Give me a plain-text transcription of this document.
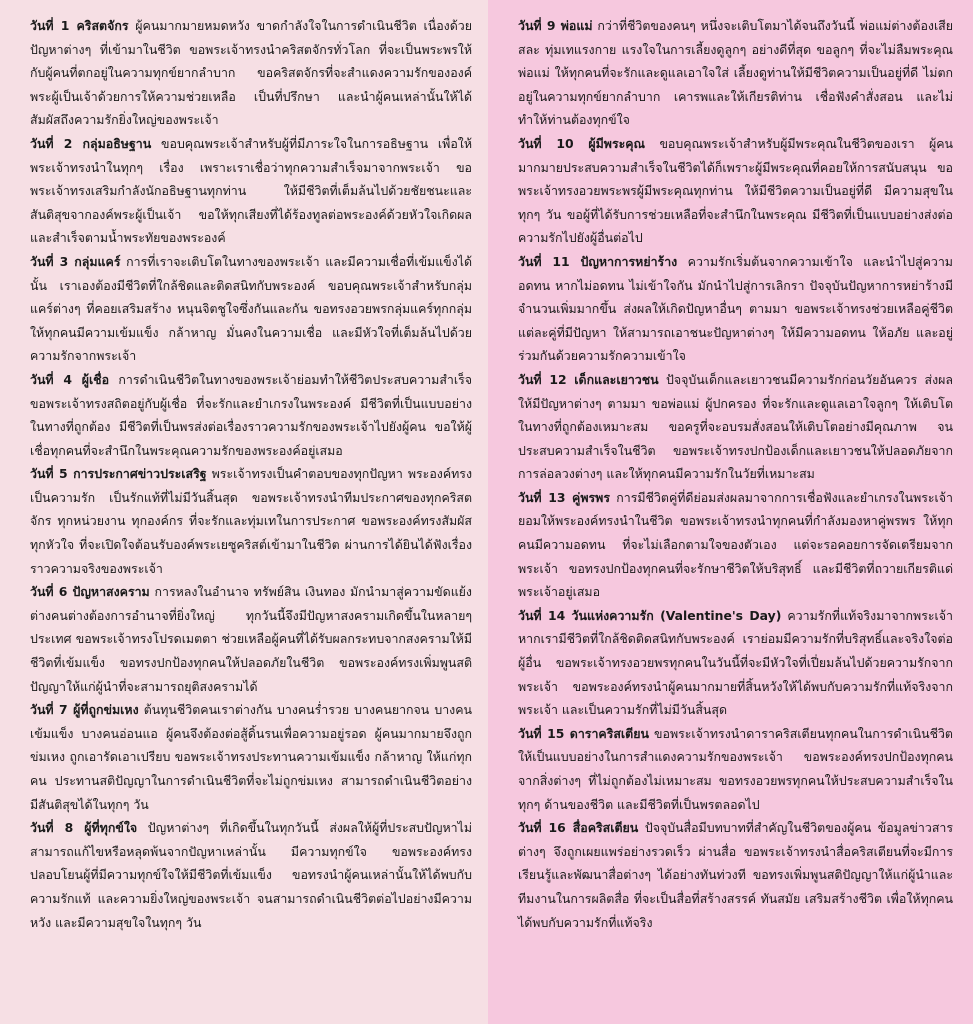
วันที่ 1 คริสตจักร ผู้คนมากมายหมดหวัง ขาดกำลังใจในการดำเนินชีวิต เนื่องด้วยปัญหาต่างๆ ที่เข้ามาในชีวิต ขอพระเจ้าทรงนำคริสตจักรทั่วโลก ที่จะเป็นพระพรให้กับผู้คนที่ตกอยู่ในความทุกข์ยากลำบาก ขอคริสตจักรที่จะสำแดงความรักขององค์พระผู้เป็นเจ้าด้วยการให้ความช่วยเหลือ เป็นที่ปรึกษา และนำผู้คนเหล่านั้นให้ได้สัมผัสถึงความรักยิ่งใหญ่ของพระเจ้า

วันที่ 2 กลุ่มอธิษฐาน ขอบคุณพระเจ้าสำหรับผู้ที่มีภาระใจในการอธิษฐาน เพื่อให้พระเจ้าทรงนำในทุกๆ เรื่อง เพราะเราเชื่อว่าทุกความสำเร็จมาจากพระเจ้า ขอพระเจ้าทรงเสริมกำลังนักอธิษฐานทุกท่าน ให้มีชีวิตที่เต็มล้นไปด้วยชัยชนะและสันติสุขจากองค์พระผู้เป็นเจ้า ขอให้ทุกเสียงที่ได้ร้องทูลต่อพระองค์ด้วยหัวใจเกิดผลและสำเร็จตามน้ำพระทัยของพระองค์

วันที่ 3 กลุ่มแคร์ การที่เราจะเติบโตในทางของพระเจ้า และมีความเชื่อที่เข้มแข็งได้นั้น เราเองต้องมีชีวิตที่ใกล้ชิดและติดสนิทกับพระองค์ ขอบคุณพระเจ้าสำหรับกลุ่มแคร์ต่างๆ ที่คอยเสริมสร้าง หนุนจิตชูใจซึ่งกันและกัน ขอทรงอวยพรกลุ่มแคร์ทุกกลุ่มให้ทุกคนมีความเข้มแข็ง กล้าหาญ มั่นคงในความเชื่อ และมีหัวใจที่เต็มล้นไปด้วยความรักจากพระเจ้า

วันที่ 4 ผู้เชื่อ การดำเนินชีวิตในทางของพระเจ้าย่อมทำให้ชีวิตประสบความสำเร็จ ขอพระเจ้าทรงสถิตอยู่กับผู้เชื่อ ที่จะรักและยำเกรงในพระองค์ มีชีวิตที่เป็นแบบอย่างในทางที่ถูกต้อง มีชีวิตที่เป็นพรส่งต่อเรื่องราวความรักของพระเจ้าไปยังผู้คน ขอให้ผู้เชื่อทุกคนที่จะสำนึกในพระคุณความรักของพระองค์อยู่เสมอ

วันที่ 5 การประกาศข่าวประเสริฐ พระเจ้าทรงเป็นคำตอบของทุกปัญหา พระองค์ทรงเป็นความรัก เป็นรักแท้ที่ไม่มีวันสิ้นสุด ขอพระเจ้าทรงนำทีมประกาศของทุกคริสตจักร ทุกหน่วยงาน ทุกองค์กร ที่จะรักและทุ่มเทในการประกาศ ขอพระองค์ทรงสัมผัสทุกหัวใจ ที่จะเปิดใจต้อนรับองค์พระเยซูคริสต์เข้ามาในชีวิต ผ่านการได้ยินได้ฟังเรื่องราวความจริงของพระเจ้า

วันที่ 6 ปัญหาสงคราม การหลงในอำนาจ ทรัพย์สิน เงินทอง มักนำมาสู่ความขัดแย้ง ต่างคนต่างต้องการอำนาจที่ยิ่งใหญ่ ทุกวันนี้จึงมีปัญหาสงครามเกิดขึ้นในหลายๆ ประเทศ ขอพระเจ้าทรงโปรดเมตตา ช่วยเหลือผู้คนที่ได้รับผลกระทบจากสงครามให้มีชีวิตที่เข้มแข็ง ขอทรงปกป้องทุกคนให้ปลอดภัยในชีวิต ขอพระองค์ทรงเพิ่มพูนสติปัญญาให้แก่ผู้นำที่จะสามารถยุติสงครามได้

วันที่ 7 ผู้ที่ถูกข่มเหง ต้นทุนชีวิตคนเราต่างกัน บางคนร่ำรวย บางคนยากจน บางคนเข้มแข็ง บางคนอ่อนแอ ผู้คนจึงต้องต่อสู้ดิ้นรนเพื่อความอยู่รอด ผู้คนมากมายจึงถูกข่มเหง ถูกเอารัดเอาเปรียบ ขอพระเจ้าทรงประทานความเข้มแข็ง กล้าหาญ ให้แก่ทุกคน ประทานสติปัญญาในการดำเนินชีวิตที่จะไม่ถูกข่มเหง สามารถดำเนินชีวิตอย่างมีสันติสุขได้ในทุกๆ วัน

วันที่ 8 ผู้ที่ทุกข์ใจ ปัญหาต่างๆ ที่เกิดขึ้นในทุกวันนี้ ส่งผลให้ผู้ที่ประสบปัญหาไม่สามารถแก้ไขหรือหลุดพ้นจากปัญหาเหล่านั้น มีความทุกข์ใจ ขอพระองค์ทรงปลอบโยนผู้ที่มีความทุกข์ใจให้มีชีวิตที่เข้มแข็ง ขอทรงนำผู้คนเหล่านั้นให้ได้พบกับความรักแท้ และความยิ่งใหญ่ของพระเจ้า จนสามารถดำเนินชีวิตต่อไปอย่างมีความหวัง และมีความสุขใจในทุกๆ วัน

วันที่ 9 พ่อแม่ กว่าที่ชีวิตของคนๆ หนึ่งจะเติบโตมาได้จนถึงวันนี้ พ่อแม่ต่างต้องเสียสละ ทุ่มเทแรงกาย แรงใจในการเลี้ยงดูลูกๆ อย่างดีที่สุด ขอลูกๆ ที่จะไม่ลืมพระคุณพ่อแม่ ให้ทุกคนที่จะรักและดูแลเอาใจใส่ เลี้ยงดูท่านให้มีชีวิตความเป็นอยู่ที่ดี ไม่ตกอยู่ในความทุกข์ยากลำบาก เคารพและให้เกียรติท่าน เชื่อฟังคำสั่งสอน และไม่ทำให้ท่านต้องทุกข์ใจ

วันที่ 10 ผู้มีพระคุณ ขอบคุณพระเจ้าสำหรับผู้มีพระคุณในชีวิตของเรา ผู้คนมากมายประสบความสำเร็จในชีวิตได้ก็เพราะผู้มีพระคุณที่คอยให้การสนับสนุน ขอพระเจ้าทรงอวยพระพรผู้มีพระคุณทุกท่าน ให้มีชีวิตความเป็นอยู่ที่ดี มีความสุขในทุกๆ วัน ขอผู้ที่ได้รับการช่วยเหลือที่จะสำนึกในพระคุณ มีชีวิตที่เป็นแบบอย่างส่งต่อความรักไปยังผู้อื่นต่อไป

วันที่ 11 ปัญหาการหย่าร้าง ความรักเริ่มต้นจากความเข้าใจ และนำไปสู่ความอดทน หากไม่อดทน ไม่เข้าใจกัน มักนำไปสู่การเลิกรา ปัจจุบันปัญหาการหย่าร้างมีจำนวนเพิ่มมากขึ้น ส่งผลให้เกิดปัญหาอื่นๆ ตามมา ขอพระเจ้าทรงช่วยเหลือคู่ชีวิตแต่ละคู่ที่มีปัญหา ให้สามารถเอาชนะปัญหาต่างๆ ให้มีความอดทน ให้อภัย และอยู่ร่วมกันด้วยความรักความเข้าใจ

วันที่ 12 เด็กและเยาวชน ปัจจุบันเด็กและเยาวชนมีความรักก่อนวัยอันควร ส่งผลให้มีปัญหาต่างๆ ตามมา ขอพ่อแม่ ผู้ปกครอง ที่จะรักและดูแลเอาใจลูกๆ ให้เติบโตในทางที่ถูกต้องเหมาะสม ขอครูที่จะอบรมสั่งสอนให้เติบโตอย่างมีคุณภาพ จนประสบความสำเร็จในชีวิต ขอพระเจ้าทรงปกป้องเด็กและเยาวชนให้ปลอดภัยจากการล่อลวงต่างๆ และให้ทุกคนมีความรักในวัยที่เหมาะสม

วันที่ 13 คู่พรพร การมีชีวิตคู่ที่ดีย่อมส่งผลมาจากการเชื่อฟังและยำเกรงในพระเจ้า ยอมให้พระองค์ทรงนำในชีวิต ขอพระเจ้าทรงนำทุกคนที่กำลังมองหาคู่พรพร ให้ทุกคนมีความอดทน ที่จะไม่เลือกตามใจของตัวเอง แต่จะรอคอยการจัดเตรียมจากพระเจ้า ขอทรงปกป้องทุกคนที่จะรักษาชีวิตให้บริสุทธิ์ และมีชีวิตที่ถวายเกียรติแด่พระเจ้าอยู่เสมอ

วันที่ 14 วันแห่งความรัก (Valentine's Day) ความรักที่แท้จริงมาจากพระเจ้า หากเรามีชีวิตที่ใกล้ชิดติดสนิทกับพระองค์ เราย่อมมีความรักที่บริสุทธิ์และจริงใจต่อผู้อื่น ขอพระเจ้าทรงอวยพรทุกคนในวันนี้ที่จะมีหัวใจที่เปี่ยมล้นไปด้วยความรักจากพระเจ้า ขอพระองค์ทรงนำผู้คนมากมายที่สิ้นหวังให้ได้พบกับความรักที่แท้จริงจากพระเจ้า และเป็นความรักที่ไม่มีวันสิ้นสุด

วันที่ 15 ดาราคริสเตียน ขอพระเจ้าทรงนำดาราคริสเตียนทุกคนในการดำเนินชีวิต ให้เป็นแบบอย่างในการสำแดงความรักของพระเจ้า ขอพระองค์ทรงปกป้องทุกคนจากสิ่งต่างๆ ที่ไม่ถูกต้องไม่เหมาะสม ขอทรงอวยพรทุกคนให้ประสบความสำเร็จในทุกๆ ด้านของชีวิต และมีชีวิตที่เป็นพรตลอดไป

วันที่ 16 สื่อคริสเตียน ปัจจุบันสื่อมีบทบาทที่สำคัญในชีวิตของผู้คน ข้อมูลข่าวสารต่างๆ จึงถูกเผยแพร่อย่างรวดเร็ว ผ่านสื่อ ขอพระเจ้าทรงนำสื่อคริสเตียนที่จะมีการเรียนรู้และพัฒนาสื่อต่างๆ ได้อย่างทันท่วงที ขอทรงเพิ่มพูนสติปัญญาให้แก่ผู้นำและทีมงานในการผลิตสื่อ ที่จะเป็นสื่อที่สร้างสรรค์ ทันสมัย เสริมสร้างชีวิต เพื่อให้ทุกคนได้พบกับความรักที่แท้จริง
